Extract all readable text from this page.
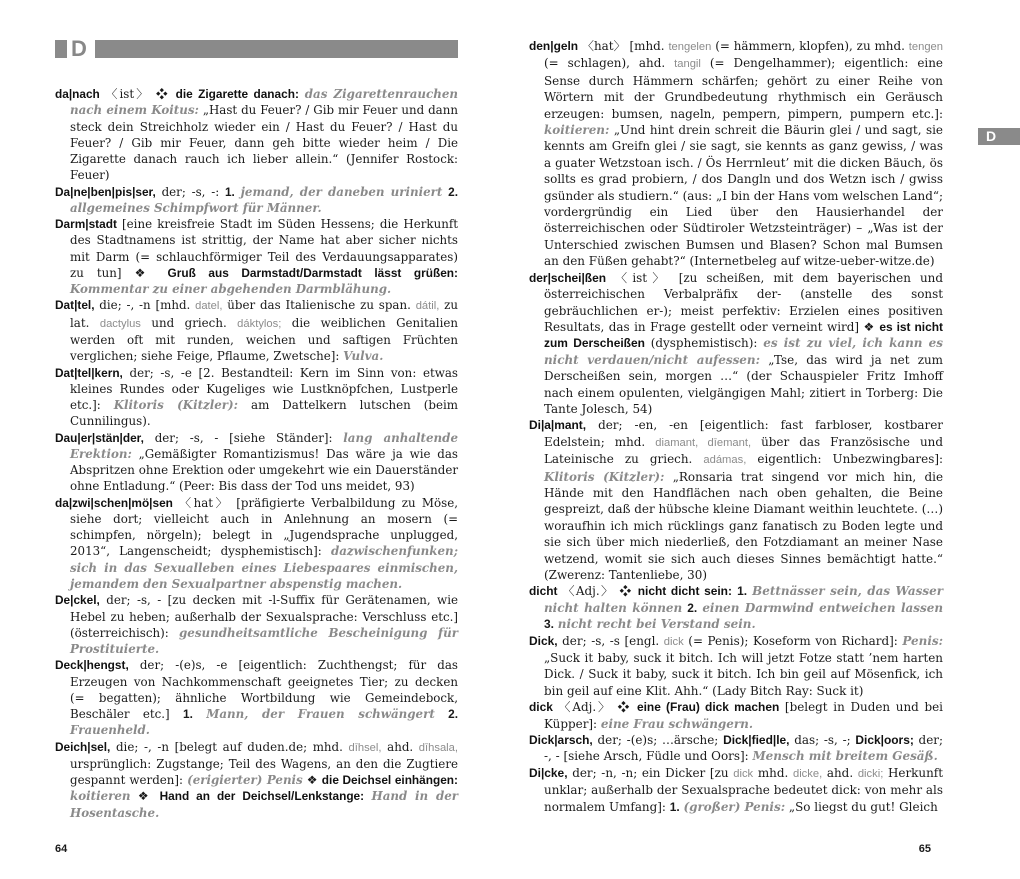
D

da|nach 〈ist〉 ❖ die Zigarette danach: das Zigarettenrauchen nach einem Koitus: „Hast du Feuer? / Gib mir Feuer und dann steck dein Streichholz wieder ein / Hast du Feuer? / Hast du Feuer? / Gib mir Feuer, dann geh bitte wieder heim / Die Zigarette danach rauch ich lieber allein.“ (Jennifer Rostock: Feuer)

Da|ne|ben|pis|ser, der; -s, -: 1. jemand, der daneben uriniert 2. allgemeines Schimpfwort für Männer.

Darm|stadt [eine kreisfreie Stadt im Süden Hessens; die Herkunft des Stadtnamens ist strittig, der Name hat aber sicher nichts mit Darm (= schlauchförmiger Teil des Verdauungsapparates) zu tun] ❖ Gruß aus Darmstadt/Darmstadt lässt grüßen: Kommentar zu einer abgehenden Darmblähung.

Dat|tel, die; -, -n [mhd. datel, über das Italienische zu span. dátil, zu lat. dactylus und griech. dáktylos; die weiblichen Genitalien werden oft mit runden, weichen und saftigen Früchten verglichen; siehe Feige, Pflaume, Zwetsche]: Vulva.

Dat|tel|kern, der; -s, -e [2. Bestandteil: Kern im Sinn von: etwas kleines Rundes oder Kugeliges wie Lustknöpfchen, Lustperle etc.]: Klitoris (Kitzler): am Dattelkern lutschen (beim Cunnilingus).

Dau|er|stän|der, der; -s, - [siehe Ständer]: lang anhaltende Erektion: „Gemäßigter Romantizismus! Das wäre ja wie das Abspritzen ohne Erektion oder umgekehrt wie ein Dauerständer ohne Entladung.“ (Peer: Bis dass der Tod uns meidet, 93)

da|zwi|schen|mö|sen 〈hat〉 [präfigierte Verbalbildung zu Möse, siehe dort; vielleicht auch in Anlehnung an mosern (= schimpfen, nörgeln); belegt in „Jugendsprache unplugged, 2013“, Langenscheidt; dysphemistisch]: dazwischenfunken; sich in das Sexualleben eines Liebespaares einmischen, jemandem den Sexualpartner abspenstig machen.

De|ckel, der; -s, - [zu decken mit -l-Suffix für Gerätenamen, wie Hebel zu heben; außerhalb der Sexualsprache: Verschluss etc.] (österreichisch): gesundheitsamtliche Bescheinigung für Prostituierte.

Deck|hengst, der; -(e)s, -e [eigentlich: Zuchthengst; für das Erzeugen von Nachkommenschaft geeignetes Tier; zu decken (= begatten); ähnliche Wortbildung wie Gemeindebock, Beschäler etc.] 1. Mann, der Frauen schwängert 2. Frauenheld.

Deich|sel, die; -, -n [belegt auf duden.de; mhd. dīhsel, ahd. dīhsala, ursprünglich: Zugstange; Teil des Wagens, an den die Zugtiere gespannt werden]: (erigierter) Penis ❖ die Deichsel einhängen: koitieren ❖ Hand an der Deichsel/Lenkstange: Hand in der Hosentasche.

64

den|geln 〈hat〉 [mhd. tengelen (= hämmern, klopfen), zu mhd. tengen (= schlagen), ahd. tangil (= Dengelhammer); eigentlich: eine Sense durch Hämmern schärfen; gehört zu einer Reihe von Wörtern mit der Grundbedeutung rhythmisch ein Geräusch erzeugen: bumsen, nageln, pempern, pimpern, pumpern etc.]: koitieren: „Und hint drein schreit die Bäurin glei / und sagt, sie kennts am Greifn glei / sie sagt, sie kennts as ganz gewiss, / was a guater Wetzstoan isch. / Ös Herrnleut’ mit die dicken Bäuch, ös sollts es grad probiern, / dos Dangln und dos Wetzn isch / gwiss gsünder als studiern.“ (aus: „I bin der Hans vom welschen Land“; vordergründig ein Lied über den Hausierhandel der österreichischen oder Südtiroler Wetzsteinträger) – „Was ist der Unterschied zwischen Bumsen und Blasen? Schon mal Bumsen an den Füßen gehabt?“ (Internetbeleg auf witze-ueber-witze.de)

der|schei|ßen 〈ist〉 [zu scheißen, mit dem bayerischen und österreichischen Verbalpräfix der- (anstelle des sonst gebräuchlichen er-); meist perfektiv: Erzielen eines positiven Resultats, das in Frage gestellt oder verneint wird] ❖ es ist nicht zum Derscheißen (dysphemistisch): es ist zu viel, ich kann es nicht verdauen/nicht aufessen: „Tse, das wird ja net zum Derscheißen sein, morgen …“ (der Schauspieler Fritz Imhoff nach einem opulenten, vielgängigen Mahl; zitiert in Torberg: Die Tante Jolesch, 54)

Di|a|mant, der; -en, -en [eigentlich: fast farbloser, kostbarer Edelstein; mhd. diamant, dīemant, über das Französische und Lateinische zu griech. adámas, eigentlich: Unbezwingbares]: Klitoris (Kitzler): „Ronsaria trat singend vor mich hin, die Hände mit den Handflächen nach oben gehalten, die Beine gespreizt, daß der hübsche kleine Diamant weithin leuchtete. (…) woraufhin ich mich rücklings ganz fanatisch zu Boden legte und sie sich über mich niederließ, den Fotzdiamant an meiner Nase wetzend, womit sie sich auch dieses Sinnes bemächtigt hatte.“ (Zwerenz: Tantenliebe, 30)

dicht 〈Adj.〉 ❖ nicht dicht sein: 1. Bettnässer sein, das Wasser nicht halten können 2. einen Darmwind entweichen lassen 3. nicht recht bei Verstand sein.

Dick, der; -s, -s [engl. dick (= Penis); Koseform von Richard]: Penis: „Suck it baby, suck it bitch. Ich will jetzt Fotze statt ’nem harten Dick. / Suck it baby, suck it bitch. Ich bin geil auf Mösenfick, ich bin geil auf eine Klit. Ahh.“ (Lady Bitch Ray: Suck it)

dick 〈Adj.〉 ❖ eine (Frau) dick machen [belegt in Duden und bei Küpper]: eine Frau schwängern.

Dick|arsch, der; -(e)s; …ärsche; Dick|fied|le, das; -s, -; Dick|oors; der; -, - [siehe Arsch, Füdle und Oors]: Mensch mit breitem Gesäß.

Di|cke, der; -n, -n; ein Dicker [zu dick mhd. dicke, ahd. dicki; Herkunft unklar; außerhalb der Sexualsprache bedeutet dick: von mehr als normalem Umfang]: 1. (großer) Penis: „So liegst du gut! Gleich

D
65
